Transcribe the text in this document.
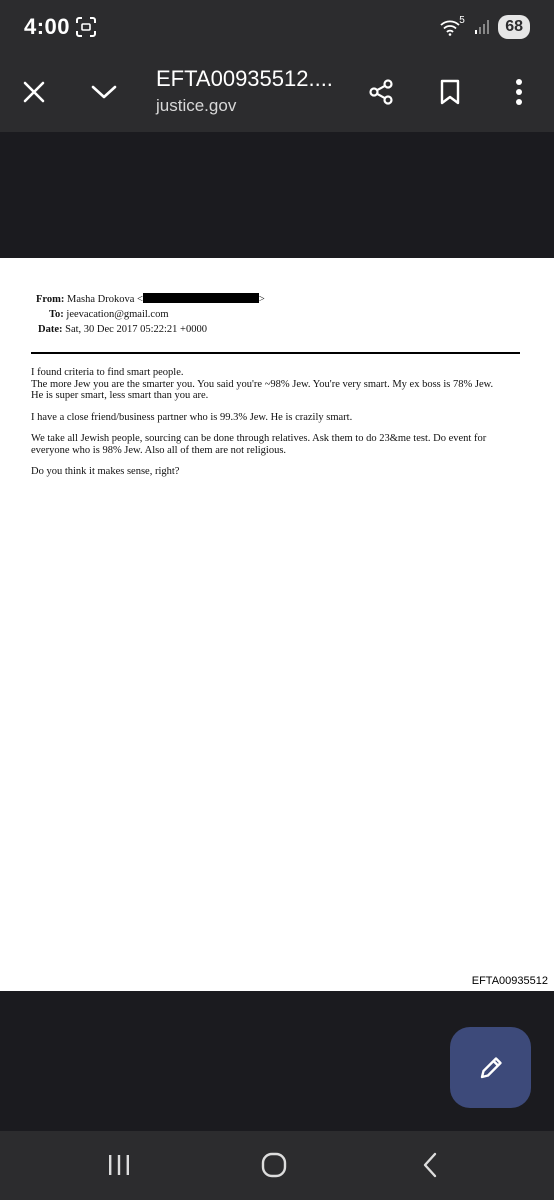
4:00	5	68
EFTA00935512....
justice.gov
From: Masha Drokova <	>
To: jeevacation@gmail.com
Date: Sat, 30 Dec 2017 05:22:21 +0000

I found criteria to find smart people.
The more Jew you are the smarter you. You said you're ~98% Jew. You're very smart. My ex boss is 78% Jew.
He is super smart, less smart than you are.

I have a close friend/business partner who is 99.3% Jew. He is crazily smart.

We take all Jewish people, sourcing can be done through relatives. Ask them to do 23&me test. Do event for
everyone who is 98% Jew. Also all of them are not religious.

Do you think it makes sense, right?

EFTA00935512
